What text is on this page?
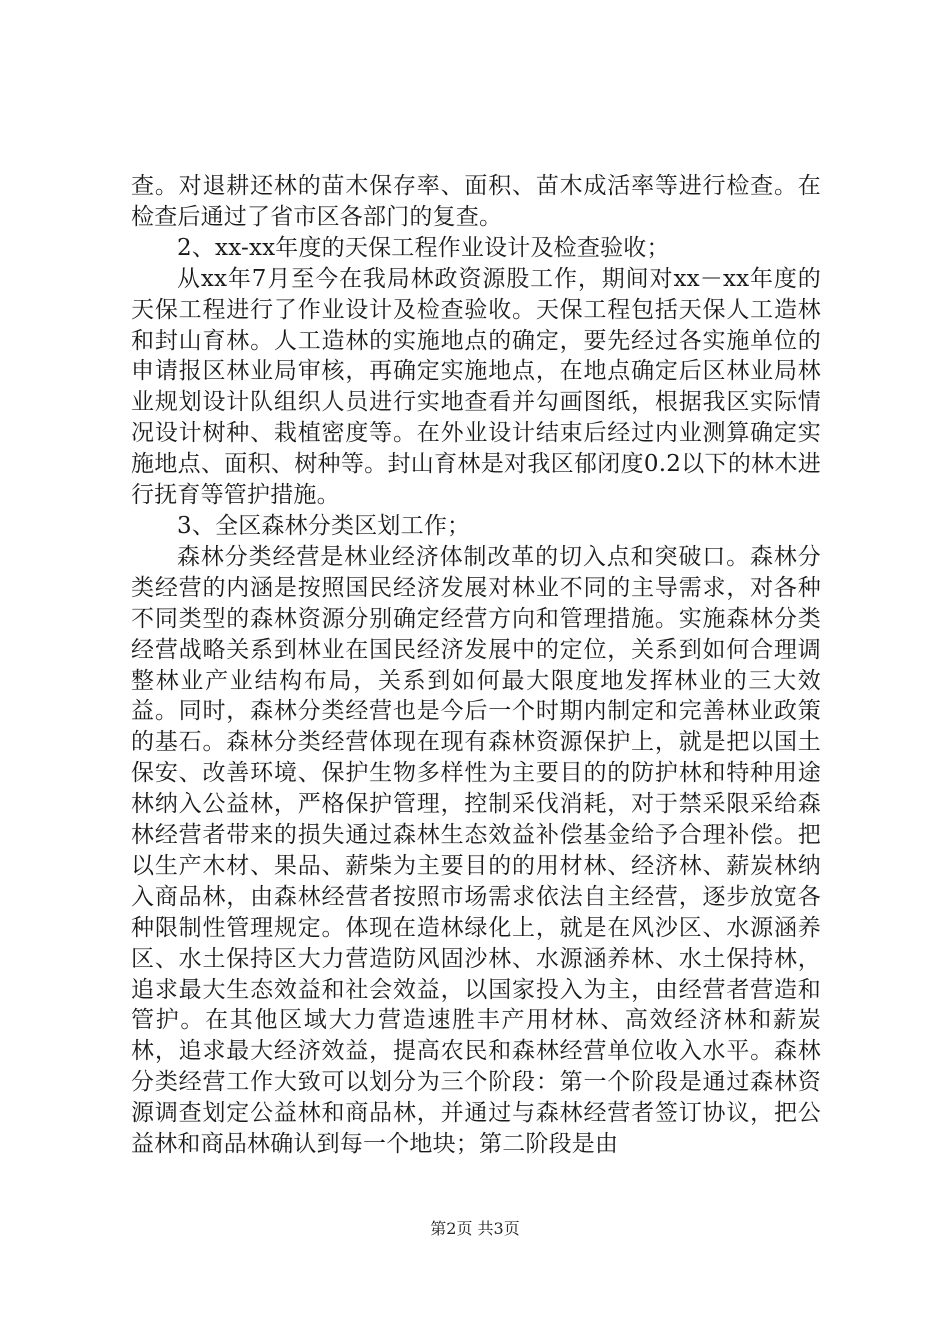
查。对退耕还林的苗木保存率、面积、苗木成活率等进行检查。在检查后通过了省市区各部门的复查。

2、xx-xx年度的天保工程作业设计及检查验收；

从xx年7月至今在我局林政资源股工作，期间对xx－xx年度的天保工程进行了作业设计及检查验收。天保工程包括天保人工造林和封山育林。人工造林的实施地点的确定，要先经过各实施单位的申请报区林业局审核，再确定实施地点，在地点确定后区林业局林业规划设计队组织人员进行实地查看并勾画图纸，根据我区实际情况设计树种、栽植密度等。在外业设计结束后经过内业测算确定实施地点、面积、树种等。封山育林是对我区郁闭度0.2以下的林木进行抚育等管护措施。

3、全区森林分类区划工作；

森林分类经营是林业经济体制改革的切入点和突破口。森林分类经营的内涵是按照国民经济发展对林业不同的主导需求，对各种不同类型的森林资源分别确定经营方向和管理措施。实施森林分类经营战略关系到林业在国民经济发展中的定位，关系到如何合理调整林业产业结构布局，关系到如何最大限度地发挥林业的三大效益。同时，森林分类经营也是今后一个时期内制定和完善林业政策的基石。森林分类经营体现在现有森林资源保护上，就是把以国土保安、改善环境、保护生物多样性为主要目的的防护林和特种用途林纳入公益林，严格保护管理，控制采伐消耗，对于禁采限采给森林经营者带来的损失通过森林生态效益补偿基金给予合理补偿。把以生产木材、果品、薪柴为主要目的的用材林、经济林、薪炭林纳入商品林，由森林经营者按照市场需求依法自主经营，逐步放宽各种限制性管理规定。体现在造林绿化上，就是在风沙区、水源涵养区、水土保持区大力营造防风固沙林、水源涵养林、水土保持林，追求最大生态效益和社会效益，以国家投入为主，由经营者营造和管护。在其他区域大力营造速胜丰产用材林、高效经济林和薪炭林，追求最大经济效益，提高农民和森林经营单位收入水平。森林分类经营工作大致可以划分为三个阶段：第一个阶段是通过森林资源调查划定公益林和商品林，并通过与森林经营者签订协议，把公益林和商品林确认到每一个地块；第二阶段是由

第2页 共3页
